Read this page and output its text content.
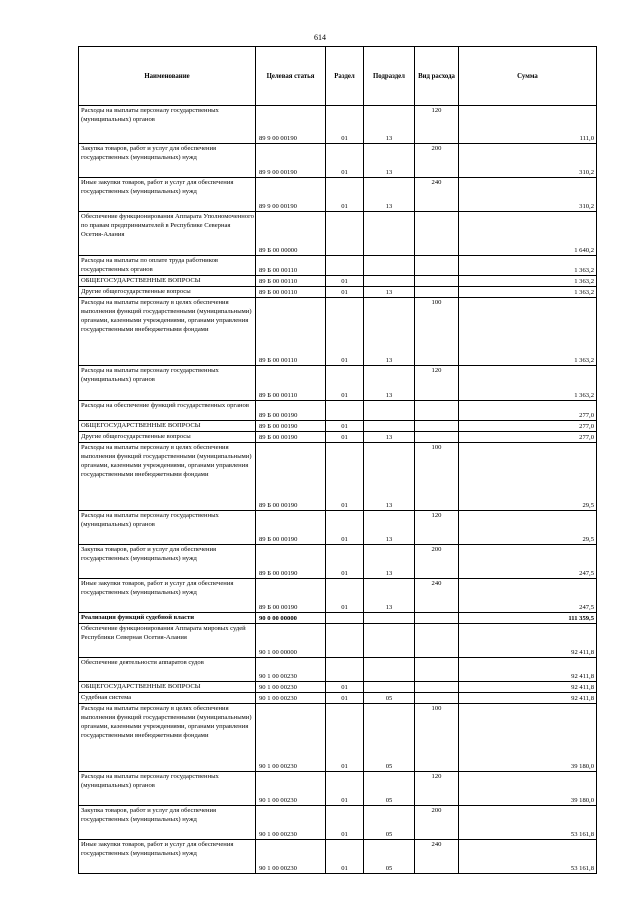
614
Наименование	Целевая статья	Раздел	Подраздел	Вид расхода	Сумма
Расходы на выплаты персоналу государственных (муниципальных) органов	89 9 00 00190	01	13	120	111,0
Закупка товаров, работ и услуг для обеспечения государственных (муниципальных) нужд	89 9 00 00190	01	13	200	310,2
Иные закупки товаров, работ и услуг для обеспечения государственных (муниципальных) нужд	89 9 00 00190	01	13	240	310,2
Обеспечение функционирования Аппарата Уполномоченного по правам предпринимателей в Республике Северная Осетия-Алания	89 Б 00 00000				1 640,2
Расходы на выплаты по оплате труда работников государственных органов	89 Б 00 00110				1 363,2
ОБЩЕГОСУДАРСТВЕННЫЕ ВОПРОСЫ	89 Б 00 00110	01			1 363,2
Другие общегосударственные вопросы	89 Б 00 00110	01	13		1 363,2
Расходы на выплаты персоналу в целях обеспечения выполнения функций государственными (муниципальными) органами, казенными учреждениями, органами управления государственными внебюджетными фондами	89 Б 00 00110	01	13	100	1 363,2
Расходы на выплаты персоналу государственных (муниципальных) органов	89 Б 00 00110	01	13	120	1 363,2
Расходы на обеспечение функций государственных органов	89 Б 00 00190				277,0
ОБЩЕГОСУДАРСТВЕННЫЕ ВОПРОСЫ	89 Б 00 00190	01			277,0
Другие общегосударственные вопросы	89 Б 00 00190	01	13		277,0
Расходы на выплаты персоналу в целях обеспечения выполнения функций государственными (муниципальными) органами, казенными учреждениями, органами управления государственными внебюджетными фондами	89 Б 00 00190	01	13	100	29,5
Расходы на выплаты персоналу государственных (муниципальных) органов	89 Б 00 00190	01	13	120	29,5
Закупка товаров, работ и услуг для обеспечения государственных (муниципальных) нужд	89 Б 00 00190	01	13	200	247,5
Иные закупки товаров, работ и услуг для обеспечения государственных (муниципальных) нужд	89 Б 00 00190	01	13	240	247,5
Реализация функций судебной власти	90 0 00 00000				111 359,5
Обеспечение функционирования Аппарата мировых судей Республики Северная Осетия-Алания	90 1 00 00000				92 411,8
Обеспечение деятельности аппаратов судов	90 1 00 00230				92 411,8
ОБЩЕГОСУДАРСТВЕННЫЕ ВОПРОСЫ	90 1 00 00230	01			92 411,8
Судебная система	90 1 00 00230	01	05		92 411,8
Расходы на выплаты персоналу в целях обеспечения выполнения функций государственными (муниципальными) органами, казенными учреждениями, органами управления государственными внебюджетными фондами	90 1 00 00230	01	05	100	39 180,0
Расходы на выплаты персоналу государственных (муниципальных) органов	90 1 00 00230	01	05	120	39 180,0
Закупка товаров, работ и услуг для обеспечения государственных (муниципальных) нужд	90 1 00 00230	01	05	200	53 161,8
Иные закупки товаров, работ и услуг для обеспечения государственных (муниципальных) нужд	90 1 00 00230	01	05	240	53 161,8
